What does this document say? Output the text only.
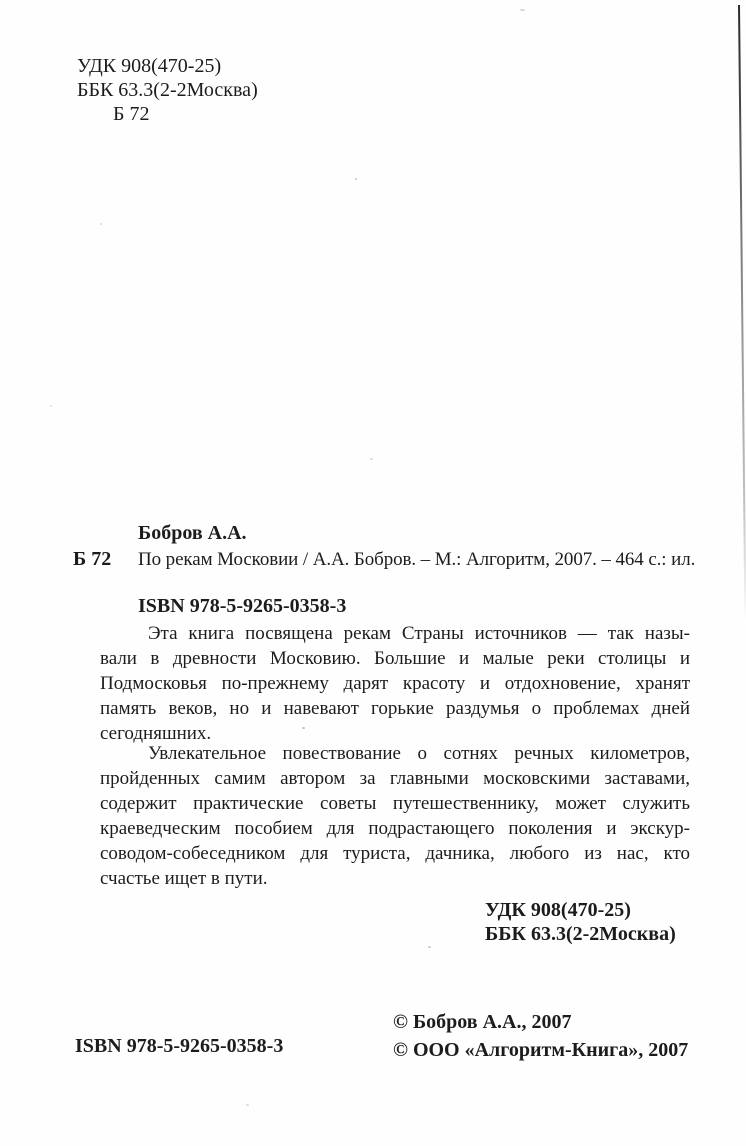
УДК 908(470-25)
ББК 63.3(2-2Москва)
Б 72
Бобров А.А.
Б 72 По рекам Московии / А.А. Бобров. – М.: Алгоритм, 2007. – 464 с.: ил.
ISBN 978-5-9265-0358-3
Эта книга посвящена рекам Страны источников — так назы-
вали в древности Московию. Большие и малые реки столицы и
Подмосковья по-прежнему дарят красоту и отдохновение, хранят
память веков, но и навевают горькие раздумья о проблемах дней
сегодняшних.
Увлекательное повествование о сотнях речных километров,
пройденных самим автором за главными московскими заставами,
содержит практические советы путешественнику, может служить
краеведческим пособием для подрастающего поколения и экскур-
соводом-собеседником для туриста, дачника, любого из нас, кто
счастье ищет в пути.
УДК 908(470-25)
ББК 63.3(2-2Москва)
ISBN 978-5-9265-0358-3
© Бобров А.А., 2007
© ООО «Алгоритм-Книга», 2007
